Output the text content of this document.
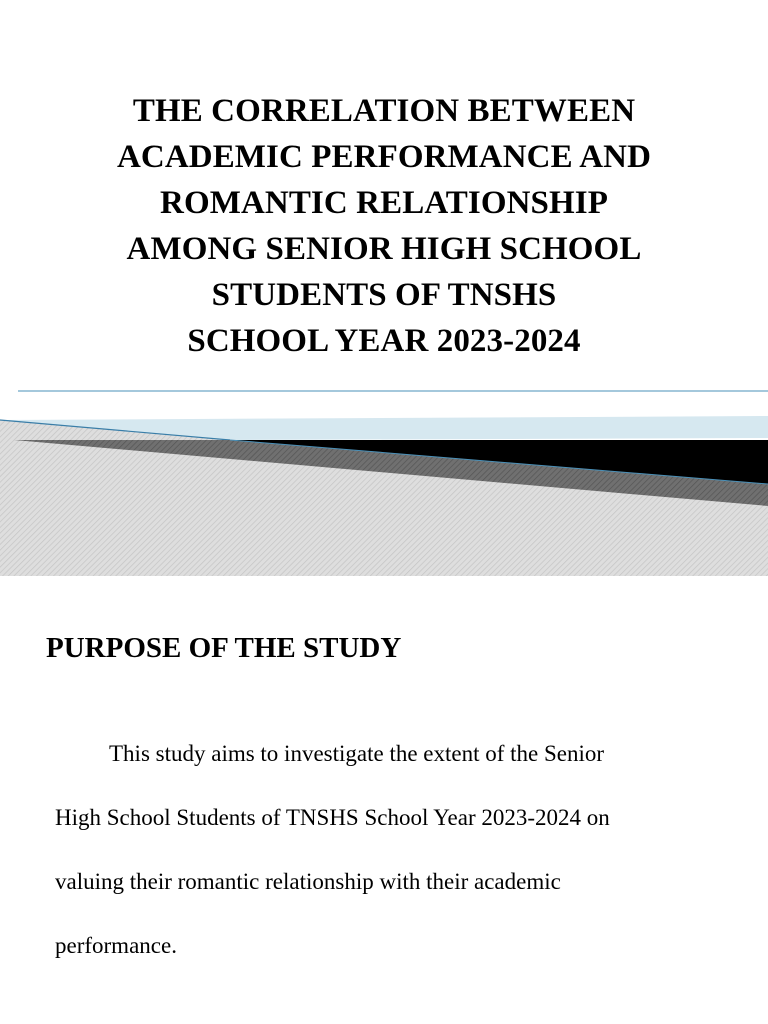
THE CORRELATION BETWEEN
ACADEMIC PERFORMANCE AND
ROMANTIC RELATIONSHIP
AMONG SENIOR HIGH SCHOOL
STUDENTS OF TNSHS
SCHOOL YEAR 2023-2024
PURPOSE OF THE STUDY
This study aims to investigate the extent of the Senior
High School Students of TNSHS School Year 2023-2024 on
valuing their romantic relationship with their academic
performance.
